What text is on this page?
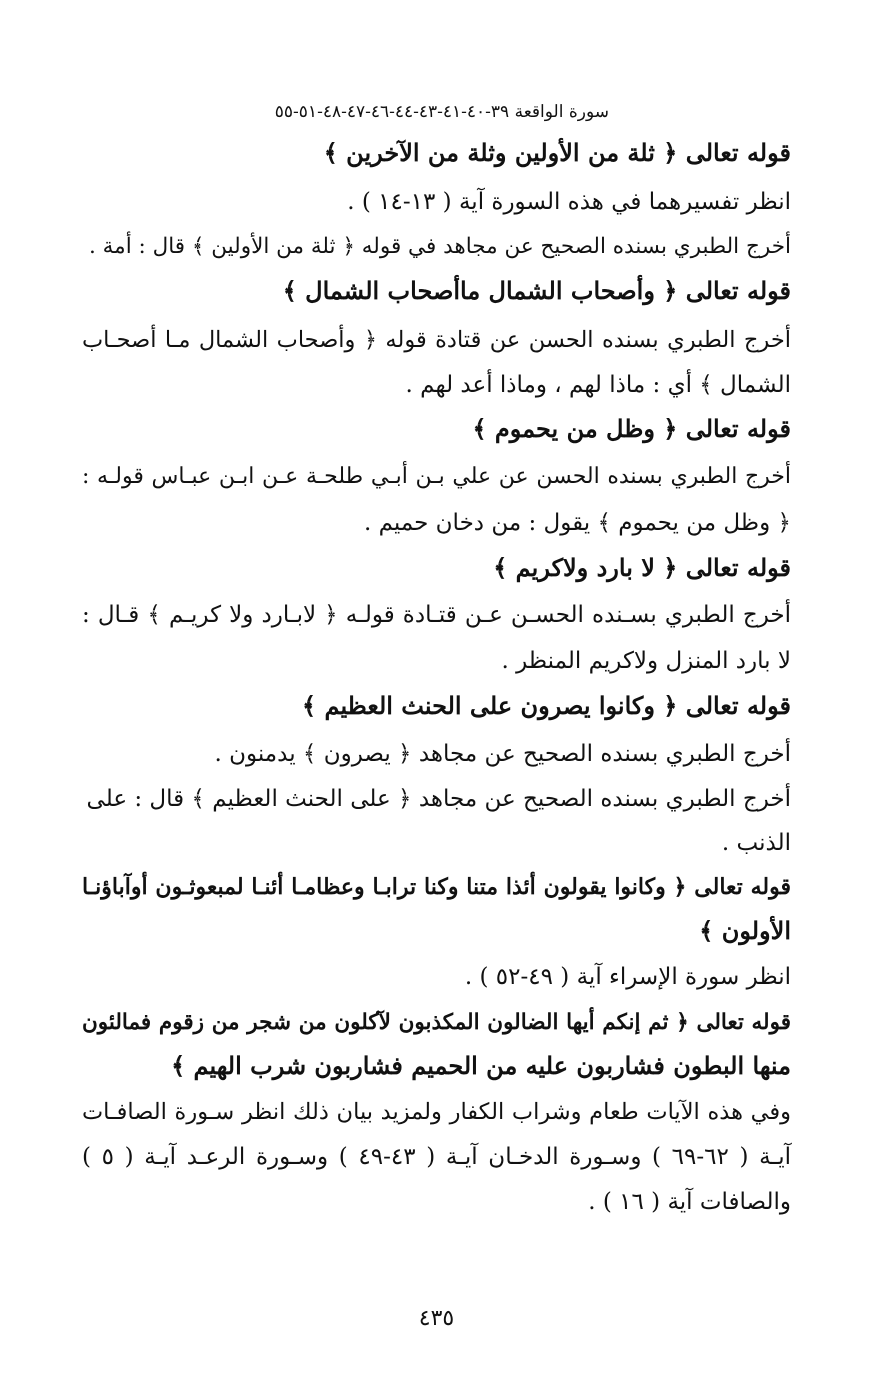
سورة الواقعة ٣٩-٤٠-٤١-٤٣-٤٤-٤٦-٤٧-٤٨-٥١-٥٥
قوله تعالى ﴿ ثلة من الأولين وثلة من الآخرين ﴾
انظر تفسيرهما في هذه السورة آية ( ١٣-١٤ ) .
أخرج الطبري بسنده الصحيح عن مجاهد في قوله ﴿ ثلة من الأولين ﴾ قال : أمة .
قوله تعالى ﴿ وأصحاب الشمال ماأصحاب الشمال ﴾
أخرج الطبري بسنده الحسن عن قتادة قوله ﴿ وأصحاب الشمال مـا أصحـاب
الشمال ﴾ أي : ماذا لهم ، وماذا أعد لهم .
قوله تعالى ﴿ وظل من يحموم ﴾
أخرج الطبري بسنده الحسن عن علي بـن أبـي طلحـة عـن ابـن عبـاس قولـه :
﴿ وظل من يحموم ﴾ يقول : من دخان حميم .
قوله تعالى ﴿ لا بارد ولاكريم ﴾
أخرج الطبري بسـنده الحسـن عـن قتـادة قولـه ﴿ لابـارد ولا كريـم ﴾ قـال :
لا بارد المنزل ولاكريم المنظر .
قوله تعالى ﴿ وكانوا يصرون على الحنث العظيم ﴾
أخرج الطبري بسنده الصحيح عن مجاهد ﴿ يصرون ﴾ يدمنون .
أخرج الطبري بسنده الصحيح عن مجاهد ﴿ على الحنث العظيم ﴾ قال : على
الذنب .
قوله تعالى ﴿ وكانوا يقولون أئذا متنا وكنا ترابـا وعظامـا أئنـا لمبعوثـون أوآباؤنـا
الأولون ﴾
انظر سورة الإسراء آية ( ٤٩-٥٢ ) .
قوله تعالى ﴿ ثم إنكم أيها الضالون المكذبون لآكلون من شجر من زقوم فمالئون
منها البطون فشاربون عليه من الحميم فشاربون شرب الهيم ﴾
وفي هذه الآيات طعام وشراب الكفار ولمزيد بيان ذلك انظر سـورة الصافـات
آيـة ( ٦٢-٦٩ ) وسـورة الدخـان آيـة ( ٤٣-٤٩ ) وسـورة الرعـد آيـة ( ٥ )
والصافات آية ( ١٦ ) .
٤٣٥
